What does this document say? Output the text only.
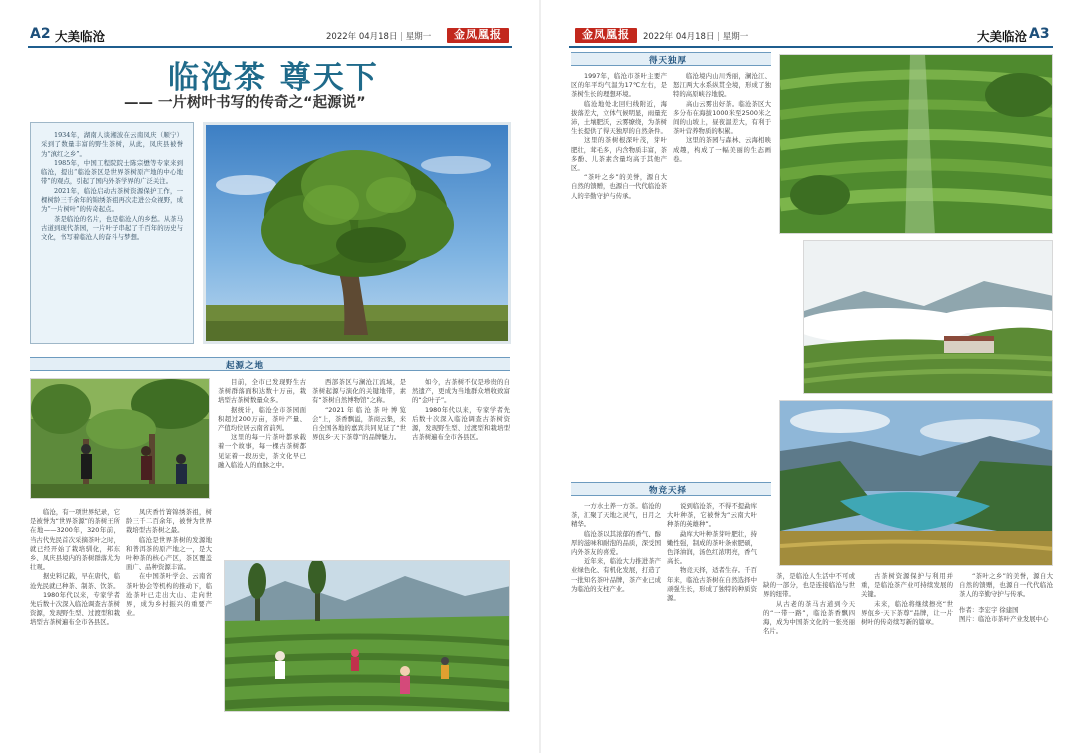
A2 大美临沧	2022年 04月18日 | 星期一	金凤凰报
临沧茶 尊天下
—— 一片树叶书写的传奇之“起源说”

1934年，湖南人谈湘波在云南凤庆（顺宁）采到了数量丰富的野生茶树，从此，凤庆县被誉为“滇红之乡”。

1985年，中国工程院院士陈宗懋等专家来到临沧，提出“临沧茶区是世界茶树原产地的中心地带”的观点，引起了国内外茶学界的广泛关注。

2021年，临沧启动古茶树资源保护工作，一棵树龄三千余年的锦绣茶祖再次走进公众视野，成为“一片树叶”的传奇起点。

茶是临沧的名片，也是临沧人的乡愁。从茶马古道到现代茶园，一片叶子串起了千百年的历史与文化，书写着临沧人的奋斗与梦想。

起源之地

临沧，有一项世界纪录，它是被誉为“世界茶源”的茶树王所在地——3200年，320年前，当古代先民首次采摘茶叶之时，就已经开始了栽培驯化，邦东乡、凤庆县境内的茶树群落尤为壮观。

据史料记载，早在唐代，临沧先民就已种茶、制茶、饮茶。

1980年代以来，专家学者先后数十次深入临沧调查古茶树资源，发现野生型、过渡型和栽培型古茶树遍布全市各县区。

凤庆香竹箐锦绣茶祖，树龄三千二百余年，被誉为世界栽培型古茶树之最。

临沧是世界茶树的发源地和普洱茶的原产地之一，是大叶种茶的核心产区，茶区覆盖面广、品种资源丰富。

在中国茶叶学会、云南省茶叶协会等机构的推动下，临沧茶叶已走出大山、走向世界，成为乡村振兴的重要产业。

目前，全市已发现野生古茶树群落面积达数十万亩，栽培型古茶树数量众多。

据统计，临沧全市茶园面积超过200万亩，茶叶产量、产值均位居云南省前列。

这里的每一片茶叶都承载着一个故事，每一棵古茶树都见证着一段历史，茶文化早已融入临沧人的血脉之中。

西部茶区与澜沧江流域，是茶树起源与演化的关键地带，素有“茶树自然博物馆”之称。

“2021年临沧茶叶博览会”上，茶香飘溢，茶商云集，来自全国各地的嘉宾共同见证了“世界佤乡·天下茶尊”的品牌魅力。

如今，古茶树不仅是珍贵的自然遗产，更成为当地群众增收致富的“金叶子”。

1980年代以来，专家学者先后数十次深入临沧调查古茶树资源，发现野生型、过渡型和栽培型古茶树遍布全市各县区。

金凤凰报	2022年 04月18日 | 星期一	大美临沧 A3
得天独厚

1997年，临沧市茶叶主要产区的年平均气温为17℃左右，是茶树生长的理想环境。

临沧地处北回归线附近，海拔落差大，立体气候明显，雨量充沛，土壤肥沃，云雾缭绕，为茶树生长提供了得天独厚的自然条件。

这里的茶树根深叶茂，芽叶肥壮，茸毛多，内含物质丰富，茶多酚、儿茶素含量均高于其他产区。

“茶叶之乡”的美誉，源自大自然的馈赠，也源自一代代临沧茶人的辛勤守护与传承。

临沧境内山川秀丽，澜沧江、怒江两大水系纵贯全境，形成了独特的高原峡谷地貌。

高山云雾出好茶。临沧茶区大多分布在海拔1000米至2500米之间的山坡上，昼夜温差大，有利于茶叶营养物质的积累。

这里的茶园与森林、云海相映成趣，构成了一幅美丽的生态画卷。

物竞天择

一方水土养一方茶。临沧的茶，汇聚了天地之灵气，日月之精华。

临沧茶以其浓郁的香气、醇厚的滋味和耐泡的品质，深受国内外茶友的喜爱。

近年来，临沧大力推进茶产业绿色化、有机化发展，打造了一批知名茶叶品牌，茶产业已成为临沧的支柱产业。

说到临沧茶，不得不提勐库大叶种茶，它被誉为“云南大叶种茶的英雄种”。

勐库大叶种茶芽叶肥壮，持嫩性强，制成的茶叶条索肥硕，色泽油润，汤色红浓明亮，香气高长。

物竞天择，适者生存。千百年来，临沧古茶树在自然选择中顽强生长，形成了独特的种质资源。

茶，是临沧人生活中不可或缺的一部分，也是连接临沧与世界的纽带。

从古老的茶马古道到今天的“一带一路”，临沧茶香飘四海，成为中国茶文化的一张亮丽名片。

古茶树资源保护与利用并重，是临沧茶产业可持续发展的关键。

未来，临沧将继续擦亮“世界佤乡·天下茶尊”品牌，让一片树叶的传奇续写新的篇章。

“茶叶之乡”的美誉，源自大自然的馈赠，也源自一代代临沧茶人的辛勤守护与传承。

作者：李宏宇 徐建国

图片：临沧市茶叶产业发展中心
